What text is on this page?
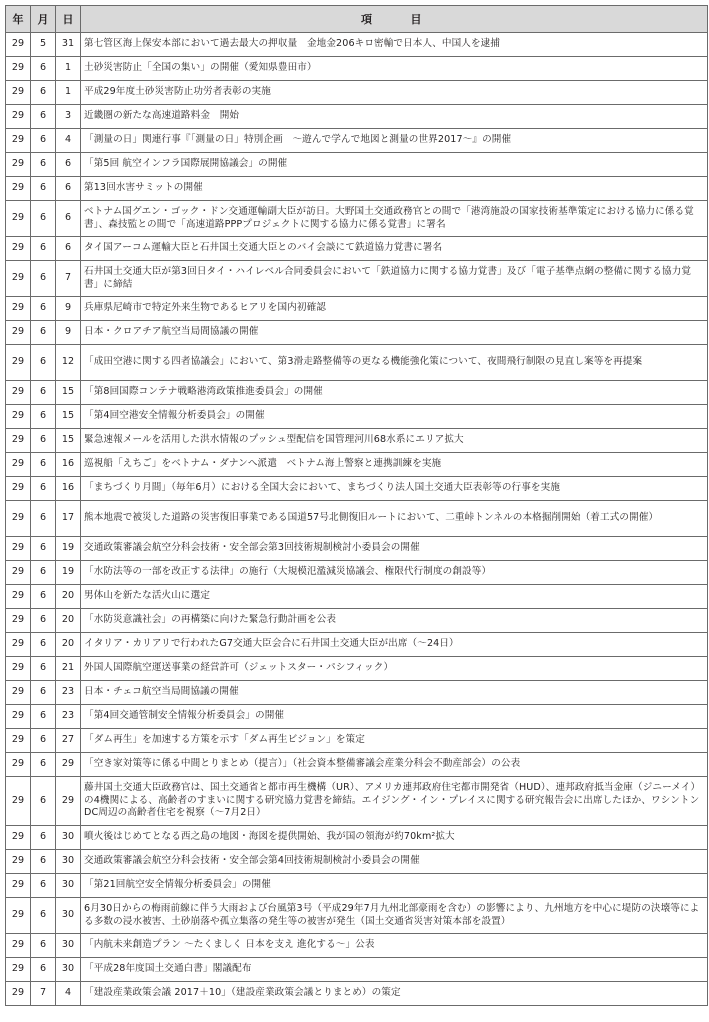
年	月	日	項　　目
29	5	31	第七管区海上保安本部において過去最大の押収量　金地金206キロ密輸で日本人、中国人を逮捕
29	6	1	土砂災害防止「全国の集い」の開催（愛知県豊田市）
29	6	1	平成29年度土砂災害防止功労者表彰の実施
29	6	3	近畿圏の新たな高速道路料金　開始
29	6	4	「測量の日」関連行事『「測量の日」特別企画　～遊んで学んで地図と測量の世界2017～』の開催
29	6	6	「第5回 航空インフラ国際展開協議会」の開催
29	6	6	第13回水害サミットの開催
29	6	6	ベトナム国グエン・ゴック・ドン交通運輸副大臣が訪日。大野国土交通政務官との間で「港湾施設の国家技術基準策定における協力に係る覚書」、森技監との間で「高速道路PPPプロジェクトに関する協力に係る覚書」に署名
29	6	6	タイ国アーコム運輸大臣と石井国土交通大臣とのバイ会談にて鉄道協力覚書に署名
29	6	7	石井国土交通大臣が第3回日タイ・ハイレベル合同委員会において「鉄道協力に関する協力覚書」及び「電子基準点網の整備に関する協力覚書」に締結
29	6	9	兵庫県尼崎市で特定外来生物であるヒアリを国内初確認
29	6	9	日本・クロアチア航空当局間協議の開催
29	6	12	「成田空港に関する四者協議会」において、第3滑走路整備等の更なる機能強化策について、夜間飛行制限の見直し案等を再提案
29	6	15	「第8回国際コンテナ戦略港湾政策推進委員会」の開催
29	6	15	「第4回空港安全情報分析委員会」の開催
29	6	15	緊急速報メールを活用した洪水情報のプッシュ型配信を国管理河川68水系にエリア拡大
29	6	16	巡視船「えちご」をベトナム・ダナンへ派遣　ベトナム海上警察と連携訓練を実施
29	6	16	「まちづくり月間」（毎年6月）における全国大会において、まちづくり法人国土交通大臣表彰等の行事を実施
29	6	17	熊本地震で被災した道路の災害復旧事業である国道57号北側復旧ルートにおいて、二重峠トンネルの本格掘削開始（着工式の開催）
29	6	19	交通政策審議会航空分科会技術・安全部会第3回技術規制検討小委員会の開催
29	6	19	「水防法等の一部を改正する法律」の施行（大規模氾濫減災協議会、権限代行制度の創設等）
29	6	20	男体山を新たな活火山に選定
29	6	20	「水防災意識社会」の再構築に向けた緊急行動計画を公表
29	6	20	イタリア・カリアリで行われたG7交通大臣会合に石井国土交通大臣が出席（～24日）
29	6	21	外国人国際航空運送事業の経営許可（ジェットスター・パシフィック）
29	6	23	日本・チェコ航空当局間協議の開催
29	6	23	「第4回交通管制安全情報分析委員会」の開催
29	6	27	「ダム再生」を加速する方策を示す「ダム再生ビジョン」を策定
29	6	29	「空き家対策等に係る中間とりまとめ（提言）」（社会資本整備審議会産業分科会不動産部会）の公表
29	6	29	藤井国土交通大臣政務官は、国土交通省と都市再生機構（UR）、アメリカ連邦政府住宅都市開発省（HUD）、連邦政府抵当金庫（ジニーメイ）の4機関による、高齢者のすまいに関する研究協力覚書を締結。エイジング・イン・プレイスに関する研究報告会に出席したほか、ワシントンDC周辺の高齢者住宅を視察（～7月2日）
29	6	30	噴火後はじめてとなる西之島の地図・海図を提供開始、我が国の領海が約70km²拡大
29	6	30	交通政策審議会航空分科会技術・安全部会第4回技術規制検討小委員会の開催
29	6	30	「第21回航空安全情報分析委員会」の開催
29	6	30	6月30日からの梅雨前線に伴う大雨および台風第3号（平成29年7月九州北部豪雨を含む）の影響により、九州地方を中心に堤防の決壊等による多数の浸水被害、土砂崩落や孤立集落の発生等の被害が発生（国土交通省災害対策本部を設置）
29	6	30	「内航未来創造プラン ～たくましく 日本を支え 進化する～」公表
29	6	30	「平成28年度国土交通白書」閣議配布
29	7	4	「建設産業政策会議 2017＋10」（建設産業政策会議とりまとめ）の策定
